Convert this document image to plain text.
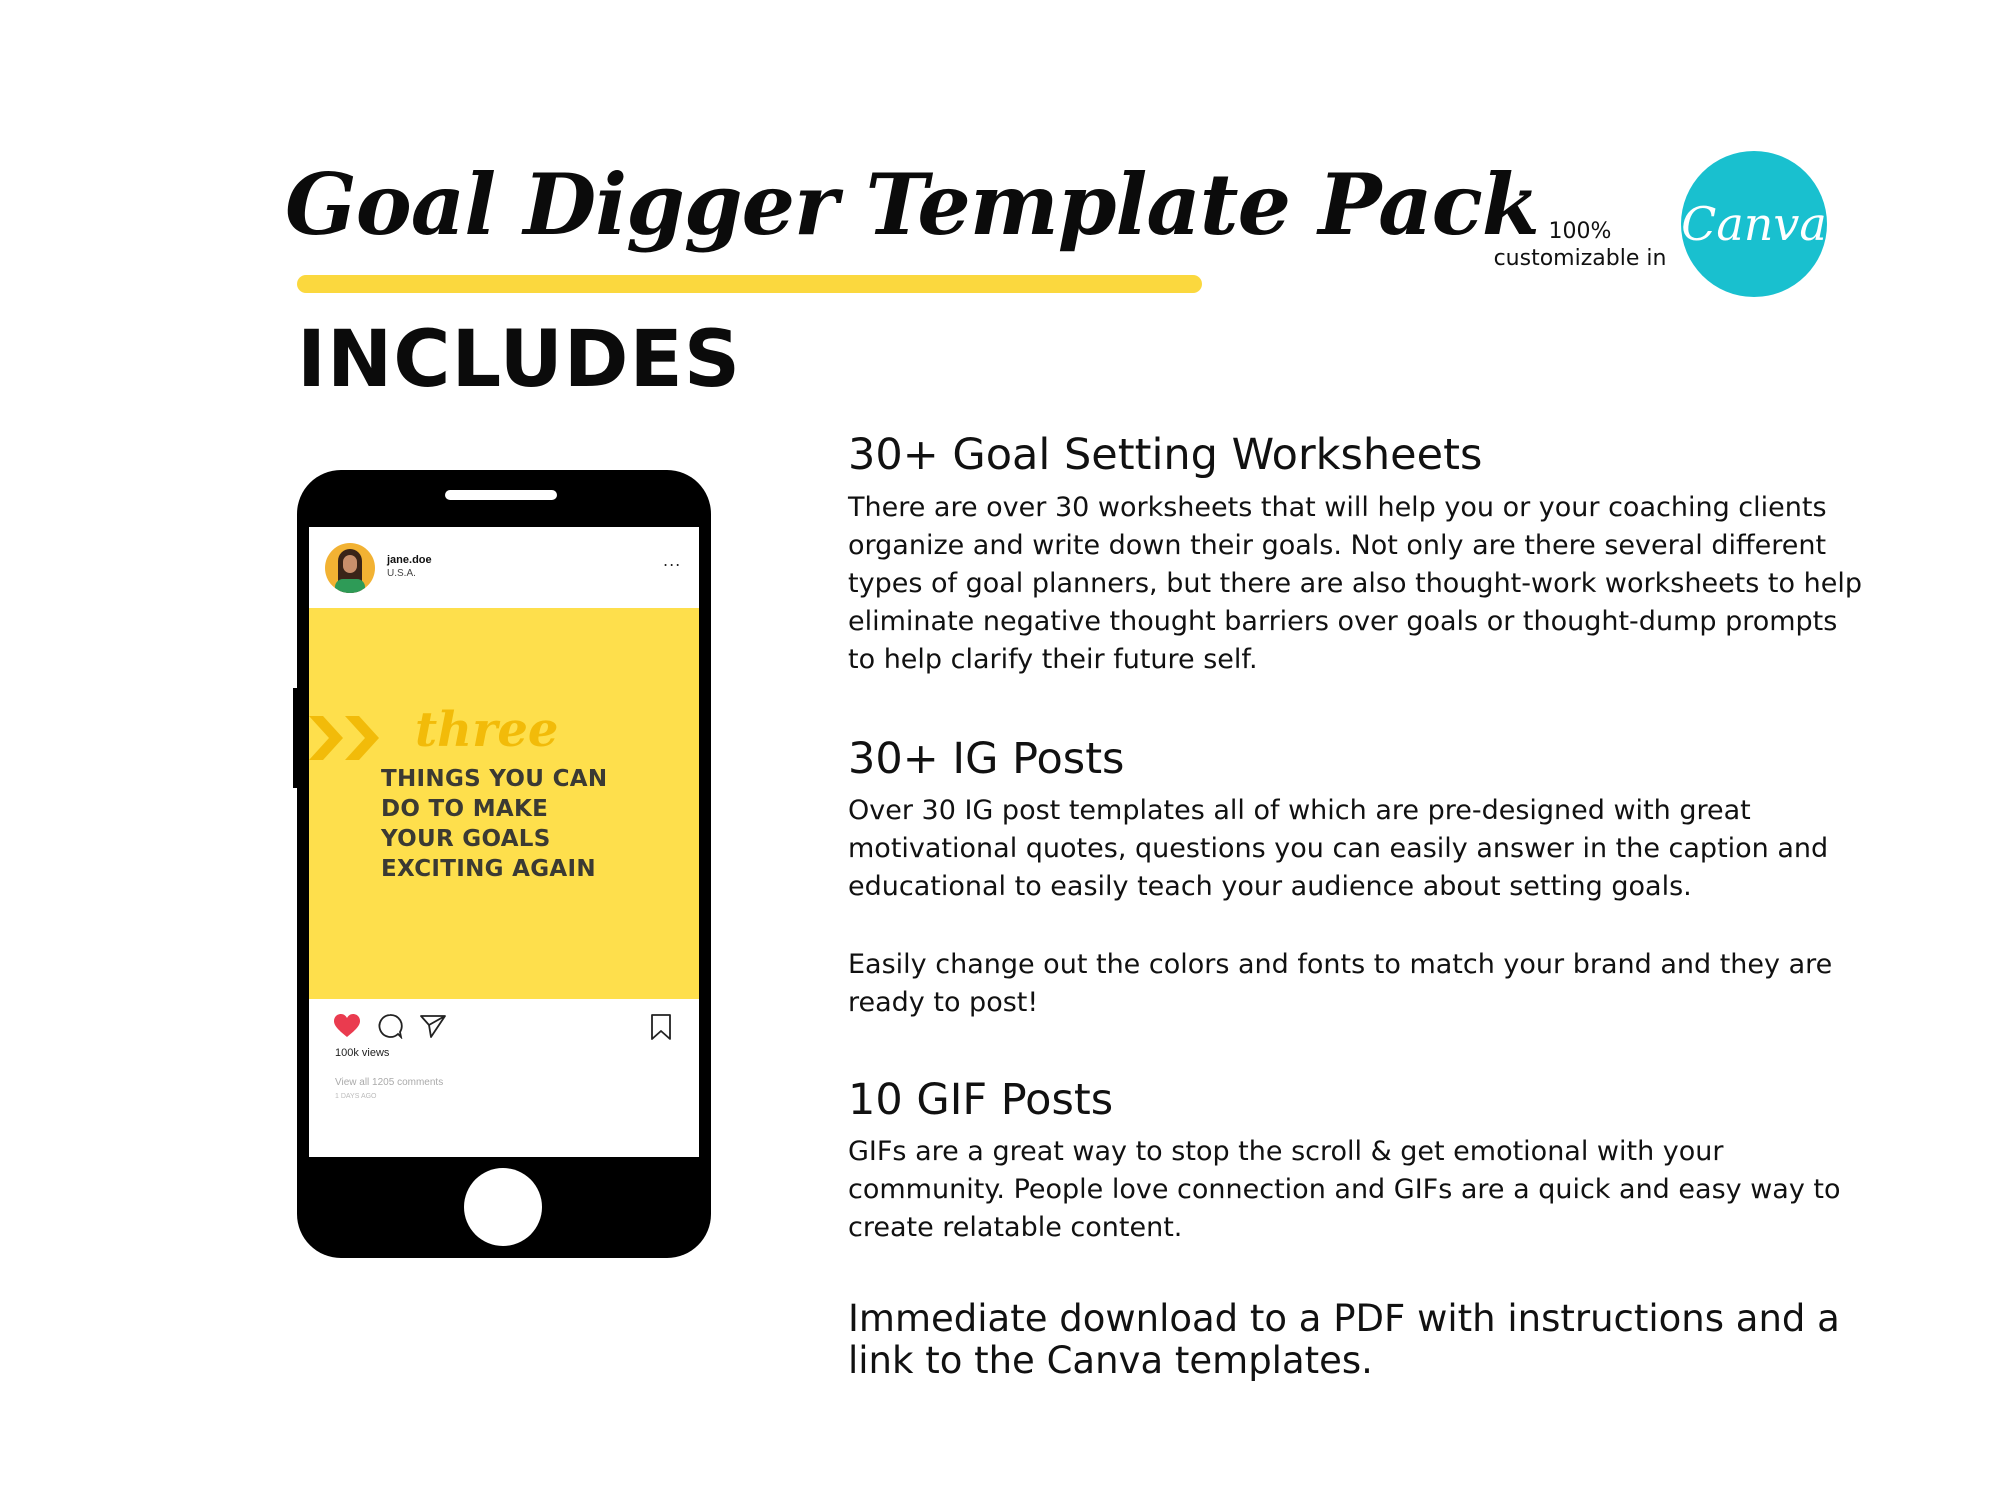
Goal Digger Template Pack
INCLUDES
100%
customizable in
Canva
jane.doe
U.S.A.
...
three
THINGS YOU CAN
DO TO MAKE
YOUR GOALS
EXCITING AGAIN
100k views
View all 1205 comments
1 DAYS AGO
30+ Goal Setting Worksheets
There are over 30 worksheets that will help you or your coaching clients organize and write down their goals. Not only are there several different types of goal planners, but there are also thought-work worksheets to help eliminate negative thought barriers over goals or thought-dump prompts to help clarify their future self.
30+ IG Posts
Over 30 IG post templates all of which are pre-designed with great motivational quotes, questions you can easily answer in the caption and educational to easily teach your audience about setting goals.
Easily change out the colors and fonts to match your brand and they are ready to post!
10 GIF Posts
GIFs are a great way to stop the scroll & get emotional with your community. People love connection and GIFs are a quick and easy way to create relatable content.
Immediate download to a PDF with instructions and a link to the Canva templates.
